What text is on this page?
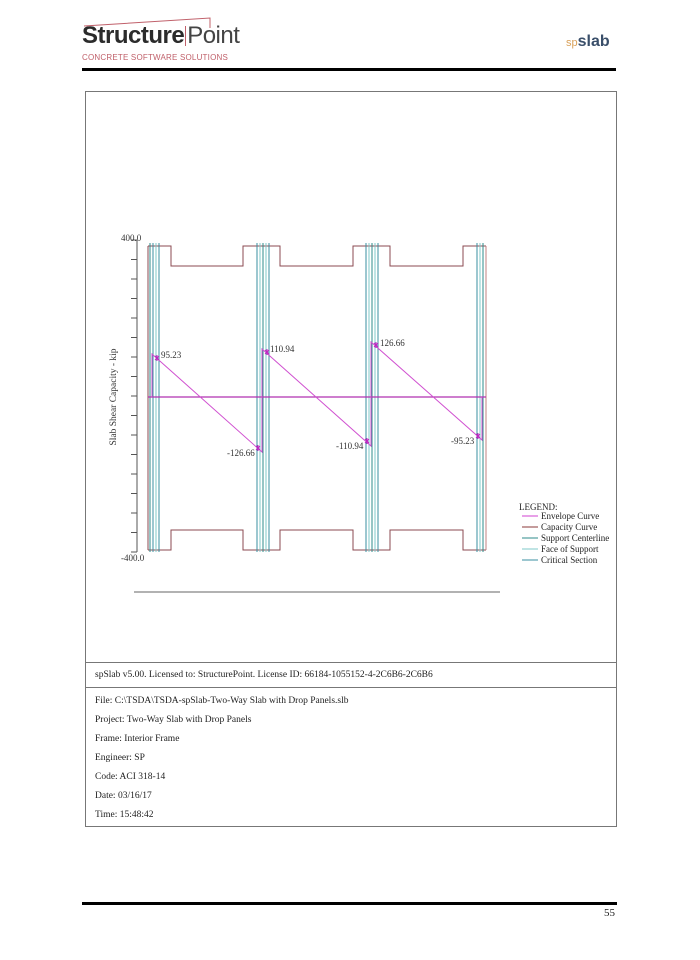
Structure Point
CONCRETE SOFTWARE SOLUTIONS
spslab
400.0
-400.0
Slab Shear Capacity - kip	95.23
-126.66
110.94
-110.94
126.66
-95.23
LEGEND:
Envelope Curve
Capacity Curve
Support Centerline
Face of Support
Critical Section
spSlab v5.00. Licensed to: StructurePoint. License ID: 66184-1055152-4-2C6B6-2C6B6
File: C:\TSDA\TSDA-spSlab-Two-Way Slab with Drop Panels.slb
Project: Two-Way Slab with Drop Panels
Frame: Interior Frame
Engineer: SP
Code: ACI 318-14
Date: 03/16/17
Time: 15:48:42
55
